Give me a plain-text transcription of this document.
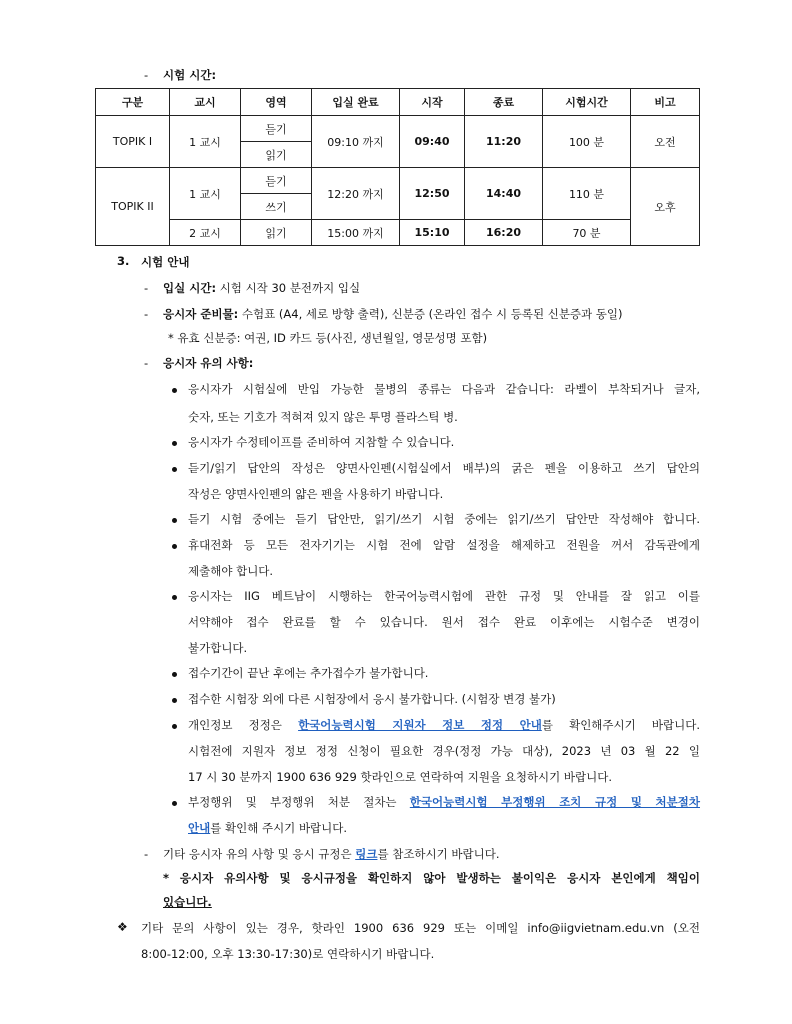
- 시험 시간:
구분	교시	영역	입실 완료	시작	종료	시험시간	비고
TOPIK I	1 교시	듣기	09:10 까지	09:40	11:20	100 분	오전
		읽기					
TOPIK II	1 교시	듣기	12:20 까지	12:50	14:40	110 분	오후
		쓰기					
	2 교시	읽기	15:00 까지	15:10	16:20	70 분	
3. 시험 안내
- 입실 시간: 시험 시작 30 분전까지 입실
- 응시자 준비물: 수험표 (A4, 세로 방향 출력), 신분증 (온라인 접수 시 등록된 신분증과 동일)
* 유효 신분증: 여권, ID 카드 등(사진, 생년월일, 영문성명 포함)
- 응시자 유의 사항:
응시자가 시험실에 반입 가능한 물병의 종류는 다음과 같습니다: 라벨이 부착되거나 글자,
숫자, 또는 기호가 적혀져 있지 않은 투명 플라스틱 병.
응시자가 수정테이프를 준비하여 지참할 수 있습니다.
듣기/읽기 답안의 작성은 양면사인펜(시험실에서 배부)의 굵은 펜을 이용하고 쓰기 답안의
작성은 양면사인펜의 얇은 펜을 사용하기 바랍니다.
듣기 시험 중에는 듣기 답안만, 읽기/쓰기 시험 중에는 읽기/쓰기 답안만 작성해야 합니다.
휴대전화 등 모든 전자기기는 시험 전에 알람 설정을 해제하고 전원을 꺼서 감독관에게
제출해야 합니다.
응시자는 IIG 베트남이 시행하는 한국어능력시험에 관한 규정 및 안내를 잘 읽고 이를
서약해야 접수 완료를 할 수 있습니다. 원서 접수 완료 이후에는 시험수준 변경이
불가합니다.
접수기간이 끝난 후에는 추가접수가 불가합니다.
접수한 시험장 외에 다른 시험장에서 응시 불가합니다. (시험장 변경 불가)
개인정보 정정은 한국어능력시험 지원자 정보 정정 안내를 확인해주시기 바랍니다.
시험전에 지원자 정보 정정 신청이 필요한 경우(정정 가능 대상), 2023 년 03 월 22 일
17 시 30 분까지 1900 636 929 핫라인으로 연락하여 지원을 요청하시기 바랍니다.
부정행위 및 부정행위 처분 절차는 한국어능력시험 부정행위 조치 규정 및 처분절차
안내를 확인해 주시기 바랍니다.
- 기타 응시자 유의 사항 및 응시 규정은 링크를 참조하시기 바랍니다.
* 응시자 유의사항 및 응시규정을 확인하지 않아 발생하는 불이익은 응시자 본인에게 책임이
있습니다.
❖ 기타 문의 사항이 있는 경우, 핫라인 1900 636 929 또는 이메일 info@iigvietnam.edu.vn (오전
8:00-12:00, 오후 13:30-17:30)로 연락하시기 바랍니다.
